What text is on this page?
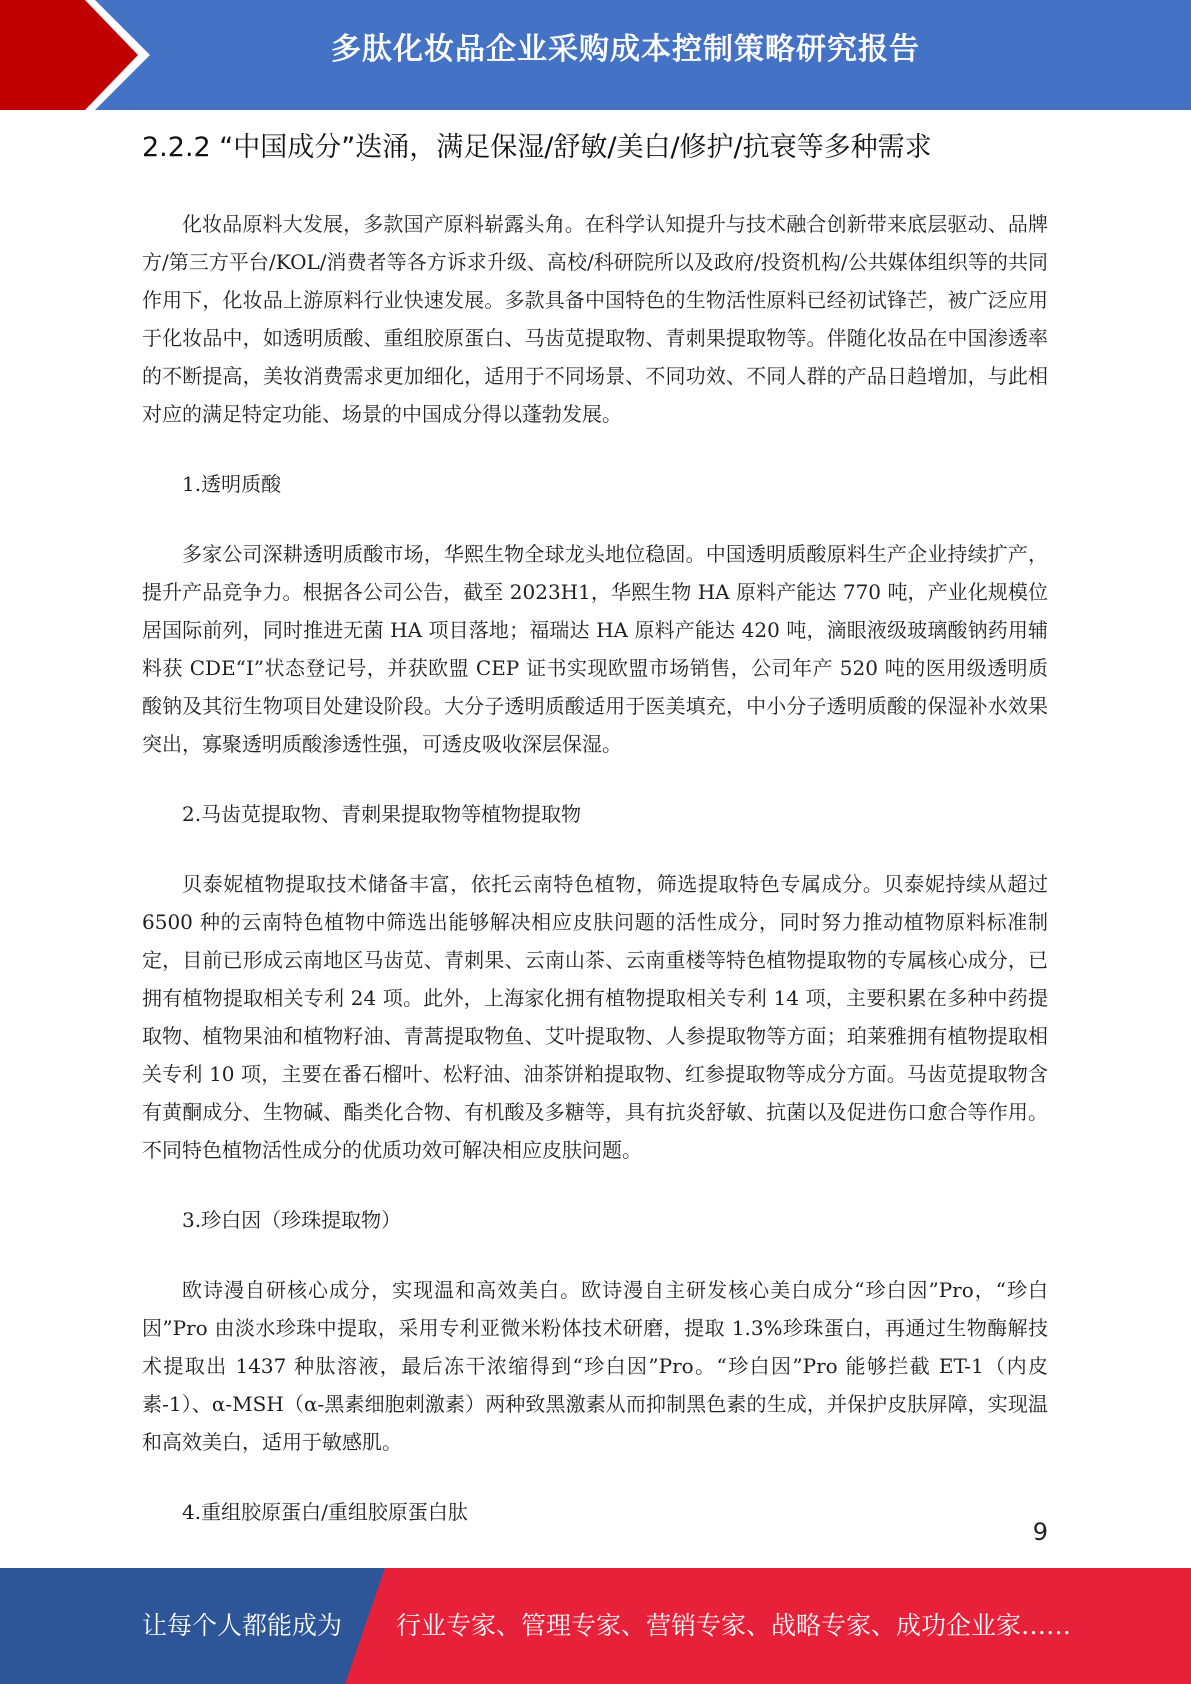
多肽化妆品企业采购成本控制策略研究报告
2.2.2 “中国成分”迭涌，满足保湿/舒敏/美白/修护/抗衰等多种需求

化妆品原料大发展，多款国产原料崭露头角。在科学认知提升与技术融合创新带来底层驱动、品牌方/第三方平台/KOL/消费者等各方诉求升级、高校/科研院所以及政府/投资机构/公共媒体组织等的共同作用下，化妆品上游原料行业快速发展。多款具备中国特色的生物活性原料已经初试锋芒，被广泛应用于化妆品中，如透明质酸、重组胶原蛋白、马齿苋提取物、青刺果提取物等。伴随化妆品在中国渗透率的不断提高，美妆消费需求更加细化，适用于不同场景、不同功效、不同人群的产品日趋增加，与此相对应的满足特定功能、场景的中国成分得以蓬勃发展。

1.透明质酸

多家公司深耕透明质酸市场，华熙生物全球龙头地位稳固。中国透明质酸原料生产企业持续扩产，提升产品竞争力。根据各公司公告，截至 2023H1，华熙生物 HA 原料产能达 770 吨，产业化规模位居国际前列，同时推进无菌 HA 项目落地；福瑞达 HA 原料产能达 420 吨，滴眼液级玻璃酸钠药用辅料获 CDE“I”状态登记号，并获欧盟 CEP 证书实现欧盟市场销售，公司年产 520 吨的医用级透明质酸钠及其衍生物项目处建设阶段。大分子透明质酸适用于医美填充，中小分子透明质酸的保湿补水效果突出，寡聚透明质酸渗透性强，可透皮吸收深层保湿。

2.马齿苋提取物、青刺果提取物等植物提取物

贝泰妮植物提取技术储备丰富，依托云南特色植物，筛选提取特色专属成分。贝泰妮持续从超过 6500 种的云南特色植物中筛选出能够解决相应皮肤问题的活性成分，同时努力推动植物原料标准制定，目前已形成云南地区马齿苋、青刺果、云南山茶、云南重楼等特色植物提取物的专属核心成分，已拥有植物提取相关专利 24 项。此外，上海家化拥有植物提取相关专利 14 项，主要积累在多种中药提取物、植物果油和植物籽油、青蒿提取物鱼、艾叶提取物、人参提取物等方面；珀莱雅拥有植物提取相关专利 10 项，主要在番石榴叶、松籽油、油茶饼粕提取物、红参提取物等成分方面。马齿苋提取物含有黄酮成分、生物碱、酯类化合物、有机酸及多糖等，具有抗炎舒敏、抗菌以及促进伤口愈合等作用。不同特色植物活性成分的优质功效可解决相应皮肤问题。

3.珍白因（珍珠提取物）

欧诗漫自研核心成分，实现温和高效美白。欧诗漫自主研发核心美白成分“珍白因”Pro，“珍白因”Pro 由淡水珍珠中提取，采用专利亚微米粉体技术研磨，提取 1.3%珍珠蛋白，再通过生物酶解技术提取出 1437 种肽溶液，最后冻干浓缩得到“珍白因”Pro。“珍白因”Pro 能够拦截 ET-1（内皮素-1）、α-MSH（α-黑素细胞刺激素）两种致黑激素从而抑制黑色素的生成，并保护皮肤屏障，实现温和高效美白，适用于敏感肌。

4.重组胶原蛋白/重组胶原蛋白肽

9
让每个人都能成为 行业专家、管理专家、营销专家、战略专家、成功企业家……
